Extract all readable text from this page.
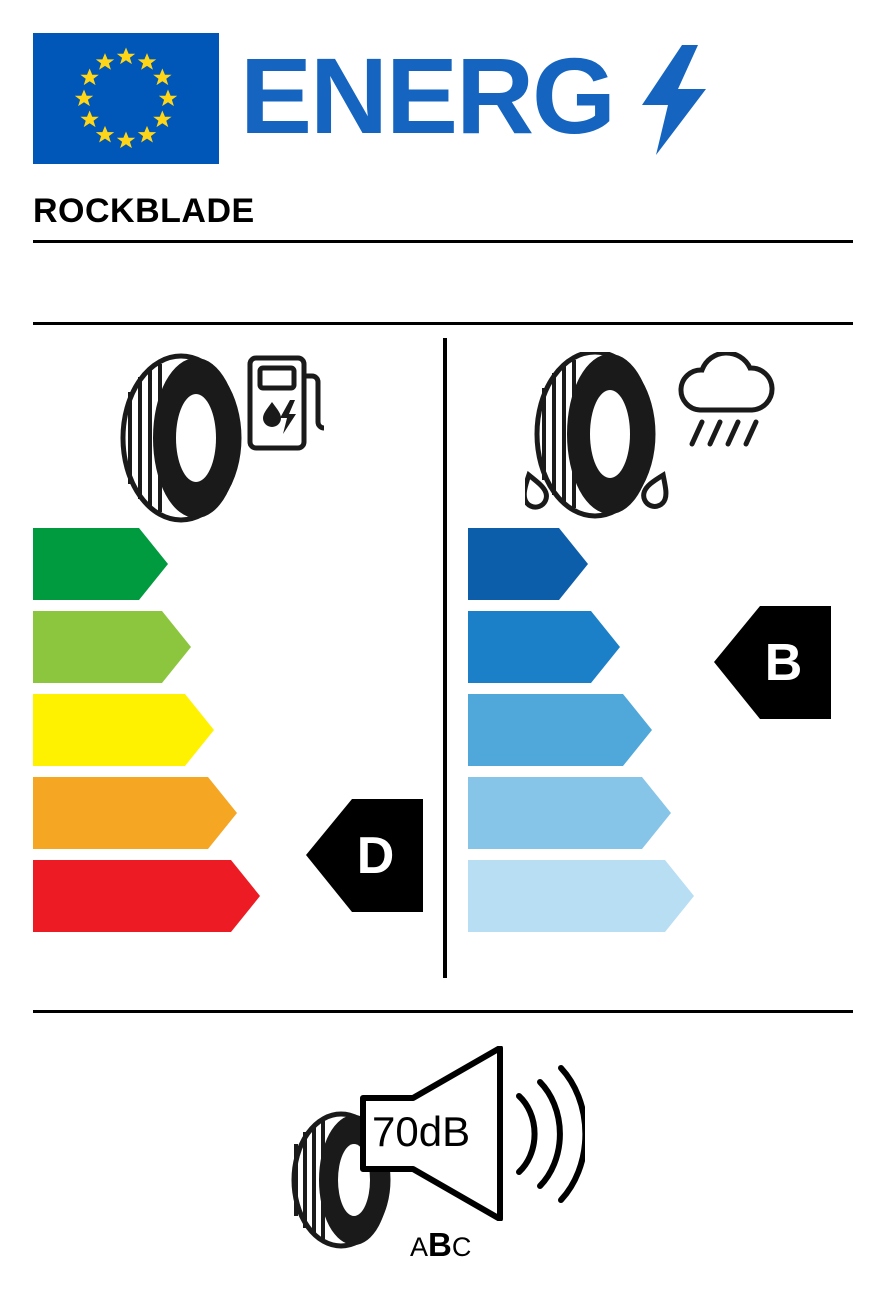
ENERG
ROCKBLADE
D
B
70dB
ABC
